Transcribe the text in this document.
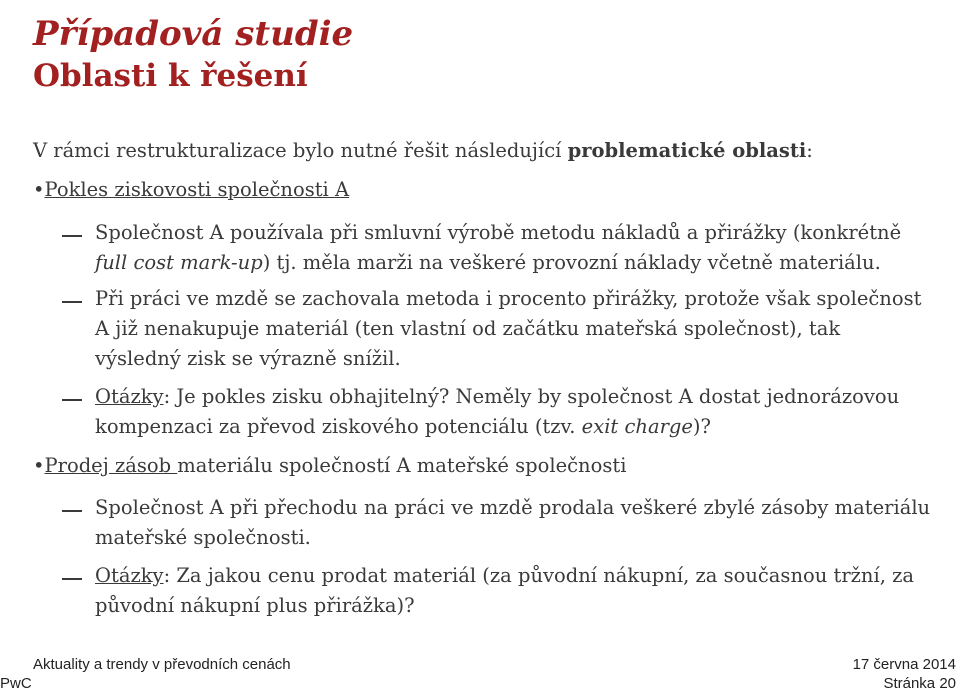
Případová studie
Oblasti k řešení
V rámci restrukturalizace bylo nutné řešit následující problematické oblasti:
•Pokles ziskovosti společnosti A
Společnost A používala při smluvní výrobě metodu nákladů a přirážky (konkrétně
full cost mark-up) tj. měla marži na veškeré provozní náklady včetně materiálu.
Při práci ve mzdě se zachovala metoda i procento přirážky, protože však společnost
A již nenakupuje materiál (ten vlastní od začátku mateřská společnost), tak
výsledný zisk se výrazně snížil.
Otázky: Je pokles zisku obhajitelný? Neměly by společnost A dostat jednorázovou
kompenzaci za převod ziskového potenciálu (tzv. exit charge)?
•Prodej zásob materiálu společností A mateřské společnosti
Společnost A při přechodu na práci ve mzdě prodala veškeré zbylé zásoby materiálu
mateřské společnosti.
Otázky: Za jakou cenu prodat materiál (za původní nákupní, za současnou tržní, za
původní nákupní plus přirážka)?
Aktuality a trendy v převodních cenách
PwC
17 června 2014
Stránka 20
